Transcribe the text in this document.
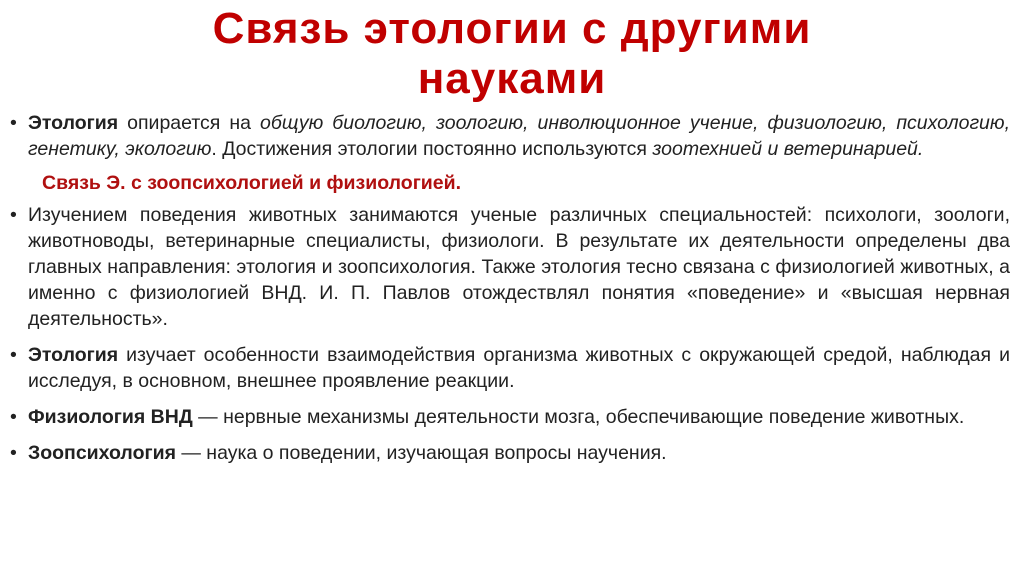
Связь этологии с другими
науками

• Этология опирается на общую биологию, зоологию, инволюционное учение, физиологию, психологию, генетику, экологию. Достижения этологии постоянно используются зоотехнией и ветеринарией.

Связь Э. с зоопсихологией и физиологией.

• Изучением поведения животных занимаются ученые различных специальностей: психологи, зоологи, животноводы, ветеринарные специалисты, физиологи. В результате их деятельности определены два главных направления: этология и зоопсихология. Также этология тесно связана с физиологией животных, а именно с физиологией ВНД. И. П. Павлов отождествлял понятия «поведение» и «высшая нервная деятельность».

• Этология изучает особенности взаимодействия организма животных с окружающей средой, наблюдая и исследуя, в основном, внешнее проявление реакции.

• Физиология ВНД — нервные механизмы деятельности мозга, обеспечивающие поведение животных.

• Зоопсихология — наука о поведении, изучающая вопросы научения.
